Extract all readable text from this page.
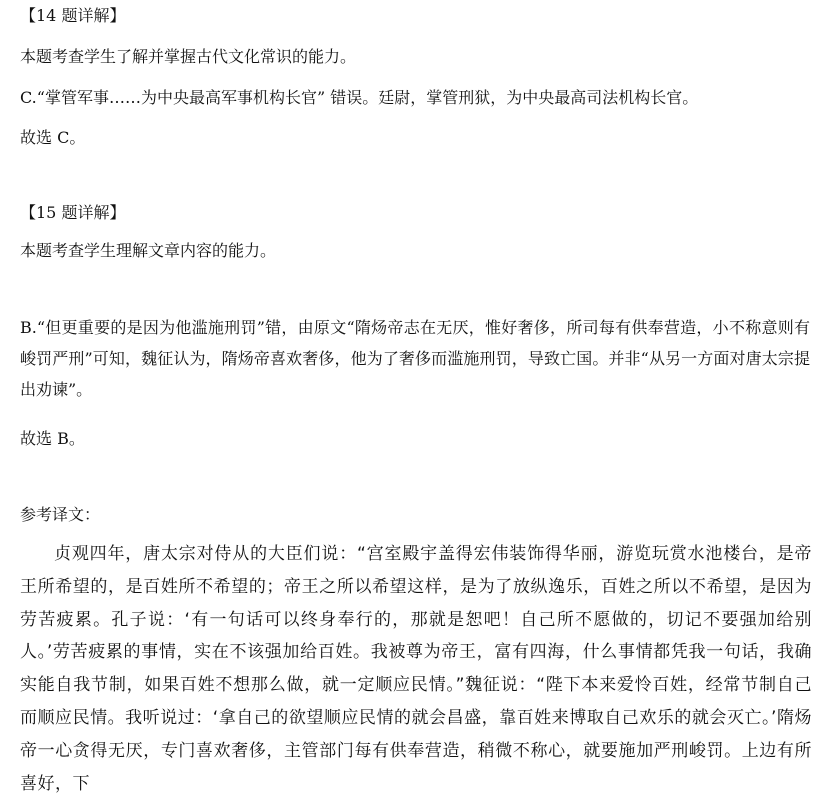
【14 题详解】
本题考查学生了解并掌握古代文化常识的能力。
C.“掌管军事……为中央最高军事机构长官” 错误。廷尉，掌管刑狱，为中央最高司法机构长官。
故选 C。
【15 题详解】
本题考查学生理解文章内容的能力。
B.“但更重要的是因为他滥施刑罚”错，由原文“隋炀帝志在无厌，惟好奢侈，所司每有供奉营造，小不称意则有峻罚严刑”可知，魏征认为，隋炀帝喜欢奢侈，他为了奢侈而滥施刑罚，导致亡国。并非“从另一方面对唐太宗提出劝谏”。
故选 B。
参考译文：
贞观四年，唐太宗对侍从的大臣们说：“宫室殿宇盖得宏伟装饰得华丽，游览玩赏水池楼台，是帝王所希望的，是百姓所不希望的；帝王之所以希望这样，是为了放纵逸乐，百姓之所以不希望，是因为劳苦疲累。孔子说：‘有一句话可以终身奉行的，那就是恕吧！自己所不愿做的，切记不要强加给别人。’劳苦疲累的事情，实在不该强加给百姓。我被尊为帝王，富有四海，什么事情都凭我一句话，我确实能自我节制，如果百姓不想那么做，就一定顺应民情。”魏征说：“陛下本来爱怜百姓，经常节制自己而顺应民情。我听说过：‘拿自己的欲望顺应民情的就会昌盛，靠百姓来博取自己欢乐的就会灭亡。’隋炀帝一心贪得无厌，专门喜欢奢侈，主管部门每有供奉营造，稍微不称心，就要施加严刑峻罚。上边有所喜好，下
